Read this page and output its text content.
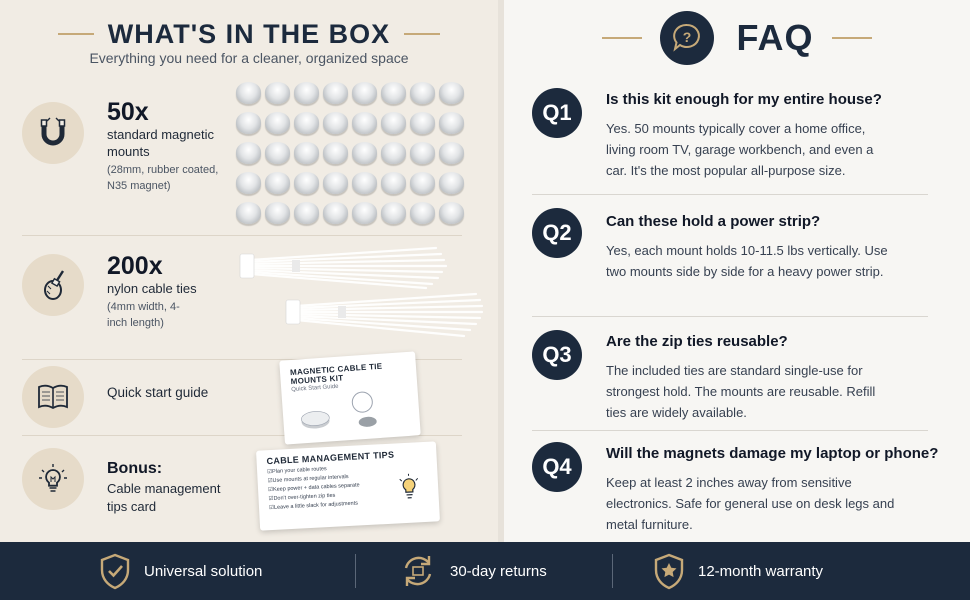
WHAT'S IN THE BOX
Everything you need for a cleaner, organized space
50x
standard magnetic mounts
(28mm, rubber coated, N35 magnet)
200x
nylon cable ties
(4mm width, 4-inch length)
Quick start guide
MAGNETIC CABLE TIE MOUNTS KIT
Quick Start Guide
Bonus:
Cable management tips card
CABLE MANAGEMENT TIPS
☑ Plan your cable routes
☑ Use mounts at regular intervals
☑ Keep power + data cables separate
☑ Don't over-tighten zip ties
☑ Leave a little slack for adjustments
? FAQ
Q1
Is this kit enough for my entire house?
Yes. 50 mounts typically cover a home office, living room TV, garage workbench, and even a car. It's the most popular all-purpose size.
Q2	Can these hold a power strip?
Yes, each mount holds 10-11.5 lbs vertically. Use two mounts side by side for a heavy power strip.
Q3
Are the zip ties reusable?
The included ties are standard single-use for strongest hold. The mounts are reusable. Refill ties are widely available.
Q4
Will the magnets damage my laptop or phone?
Keep at least 2 inches away from sensitive electronics. Safe for general use on desk legs and metal furniture.
Universal solution	30-day returns	12-month warranty
